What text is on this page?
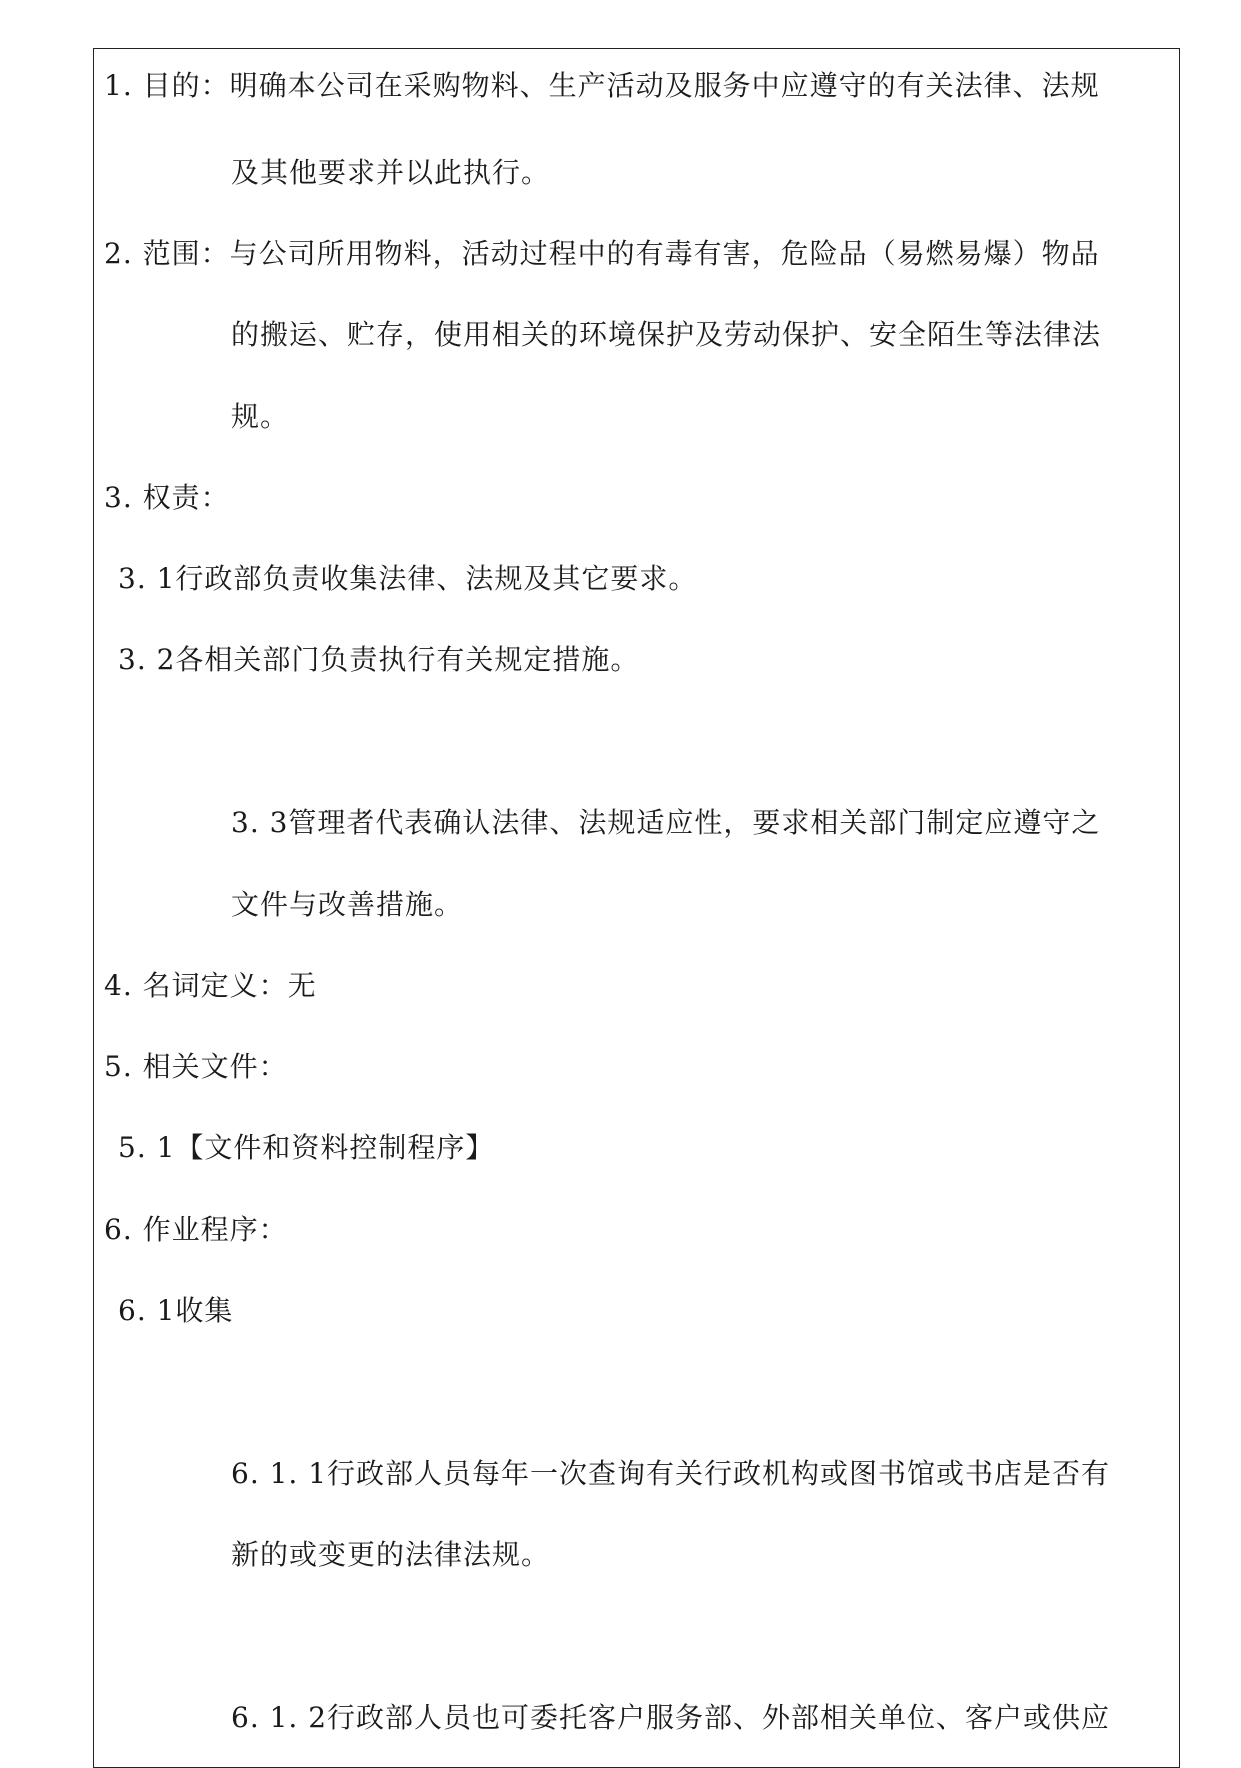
1. 目的：明确本公司在采购物料、生产活动及服务中应遵守的有关法律、法规
及其他要求并以此执行。
2. 范围：与公司所用物料，活动过程中的有毒有害，危险品（易燃易爆）物品
的搬运、贮存，使用相关的环境保护及劳动保护、安全陌生等法律法
规。
3. 权责：
3. 1行政部负责收集法律、法规及其它要求。
3. 2各相关部门负责执行有关规定措施。
3. 3管理者代表确认法律、法规适应性，要求相关部门制定应遵守之
文件与改善措施。
4. 名词定义：无
5. 相关文件：
5. 1【文件和资料控制程序】
6. 作业程序：
6. 1收集
6. 1. 1行政部人员每年一次查询有关行政机构或图书馆或书店是否有
新的或变更的法律法规。
6. 1. 2行政部人员也可委托客户服务部、外部相关单位、客户或供应
